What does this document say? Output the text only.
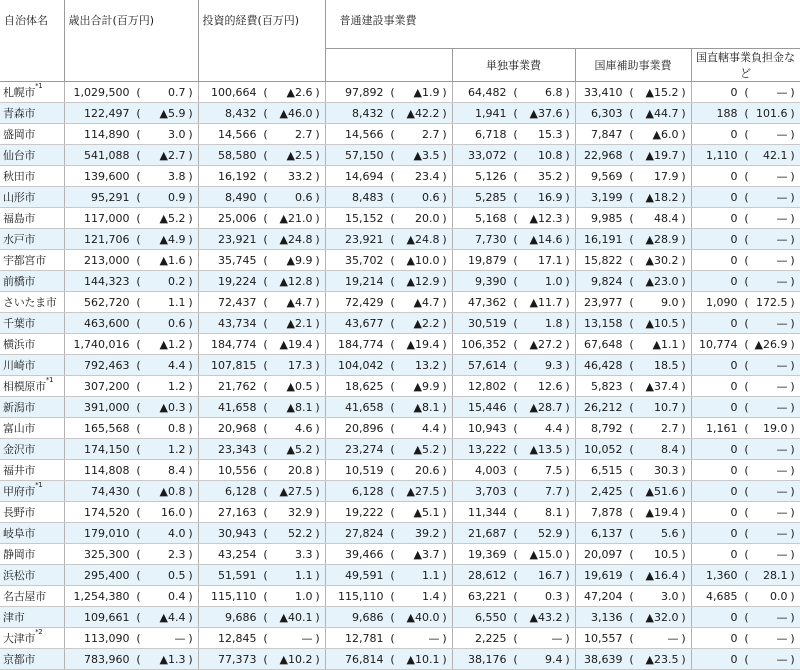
自治体名	歳出合計(百万円)	投資的経費(百万円)	普通建設事業費			
				単独事業費	国庫補助事業費	国直轄事業負担金など
札幌市$^{*1}$	1,029,500 ( 0.7 )	100,664 ( ▲2.6 )	97,892 ( ▲1.9 )	64,482 ( 6.8 )	33,410 ( ▲15.2 )	0 ( — )

青森市	122,497 ( ▲5.9 )	8,432 ( ▲46.0 )	8,432 ( ▲42.2 )	1,941 ( ▲37.6 )	6,303 ( ▲44.7 )	188 ( 101.6 )

盛岡市	114,890 ( 3.0 )	14,566 ( 2.7 )	14,566 ( 2.7 )	6,718 ( 15.3 )	7,847 ( ▲6.0 )	0 ( — )

仙台市	541,088 ( ▲2.7 )	58,580 ( ▲2.5 )	57,150 ( ▲3.5 )	33,072 ( 10.8 )	22,968 ( ▲19.7 )	1,110 ( 42.1 )

秋田市	139,600 ( 3.8 )	16,192 ( 33.2 )	14,694 ( 23.4 )	5,126 ( 35.2 )	9,569 ( 17.9 )	0 ( — )

山形市	95,291 ( 0.9 )	8,490 ( 0.6 )	8,483 ( 0.6 )	5,285 ( 16.9 )	3,199 ( ▲18.2 )	0 ( — )

福島市	117,000 ( ▲5.2 )	25,006 ( ▲21.0 )	15,152 ( 20.0 )	5,168 ( ▲12.3 )	9,985 ( 48.4 )	0 ( — )

水戸市	121,706 ( ▲4.9 )	23,921 ( ▲24.8 )	23,921 ( ▲24.8 )	7,730 ( ▲14.6 )	16,191 ( ▲28.9 )	0 ( — )

宇都宮市	213,000 ( ▲1.6 )	35,745 ( ▲9.9 )	35,702 ( ▲10.0 )	19,879 ( 17.1 )	15,822 ( ▲30.2 )	0 ( — )

前橋市	144,323 ( 0.2 )	19,224 ( ▲12.8 )	19,214 ( ▲12.9 )	9,390 ( 1.0 )	9,824 ( ▲23.0 )	0 ( — )

さいたま市	562,720 ( 1.1 )	72,437 ( ▲4.7 )	72,429 ( ▲4.7 )	47,362 ( ▲11.7 )	23,977 ( 9.0 )	1,090 ( 172.5 )

千葉市	463,600 ( 0.6 )	43,734 ( ▲2.1 )	43,677 ( ▲2.2 )	30,519 ( 1.8 )	13,158 ( ▲10.5 )	0 ( — )

横浜市	1,740,016 ( ▲1.2 )	184,774 ( ▲19.4 )	184,774 ( ▲19.4 )	106,352 ( ▲27.2 )	67,648 ( ▲1.1 )	10,774 ( ▲26.9 )

川崎市	792,463 ( 4.4 )	107,815 ( 17.3 )	104,042 ( 13.2 )	57,614 ( 9.3 )	46,428 ( 18.5 )	0 ( — )

相模原市$^{*1}$	307,200 ( 1.2 )	21,762 ( ▲0.5 )	18,625 ( ▲9.9 )	12,802 ( 12.6 )	5,823 ( ▲37.4 )	0 ( — )

新潟市	391,000 ( ▲0.3 )	41,658 ( ▲8.1 )	41,658 ( ▲8.1 )	15,446 ( ▲28.7 )	26,212 ( 10.7 )	0 ( — )

富山市	165,568 ( 0.8 )	20,968 ( 4.6 )	20,896 ( 4.4 )	10,943 ( 4.4 )	8,792 ( 2.7 )	1,161 ( 19.0 )

金沢市	174,150 ( 1.2 )	23,343 ( ▲5.2 )	23,274 ( ▲5.2 )	13,222 ( ▲13.5 )	10,052 ( 8.4 )	0 ( — )

福井市	114,808 ( 8.4 )	10,556 ( 20.8 )	10,519 ( 20.6 )	4,003 ( 7.5 )	6,515 ( 30.3 )	0 ( — )

甲府市$^{*1}$	74,430 ( ▲0.8 )	6,128 ( ▲27.5 )	6,128 ( ▲27.5 )	3,703 ( 7.7 )	2,425 ( ▲51.6 )	0 ( — )

長野市	174,520 ( 16.0 )	27,163 ( 32.9 )	19,222 ( ▲5.1 )	11,344 ( 8.1 )	7,878 ( ▲19.4 )	0 ( — )

岐阜市	179,010 ( 4.0 )	30,943 ( 52.2 )	27,824 ( 39.2 )	21,687 ( 52.9 )	6,137 ( 5.6 )	0 ( — )

静岡市	325,300 ( 2.3 )	43,254 ( 3.3 )	39,466 ( ▲3.7 )	19,369 ( ▲15.0 )	20,097 ( 10.5 )	0 ( — )

浜松市	295,400 ( 0.5 )	51,591 ( 1.1 )	49,591 ( 1.1 )	28,612 ( 16.7 )	19,619 ( ▲16.4 )	1,360 ( 28.1 )

名古屋市	1,254,380 ( 0.4 )	115,110 ( 1.0 )	115,110 ( 1.4 )	63,221 ( 0.3 )	47,204 ( 3.0 )	4,685 ( 0.0 )

津市	109,661 ( ▲4.4 )	9,686 ( ▲40.1 )	9,686 ( ▲40.0 )	6,550 ( ▲43.2 )	3,136 ( ▲32.0 )	0 ( — )

大津市$^{*2}$	113,090 ( — )	12,845 ( — )	12,781 ( — )	2,225 ( — )	10,557 ( — )	0 ( — )

京都市	783,960 ( ▲1.3 )	77,373 ( ▲10.2 )	76,814 ( ▲10.1 )	38,176 ( 9.4 )	38,639 ( ▲23.5 )	0 ( — )
